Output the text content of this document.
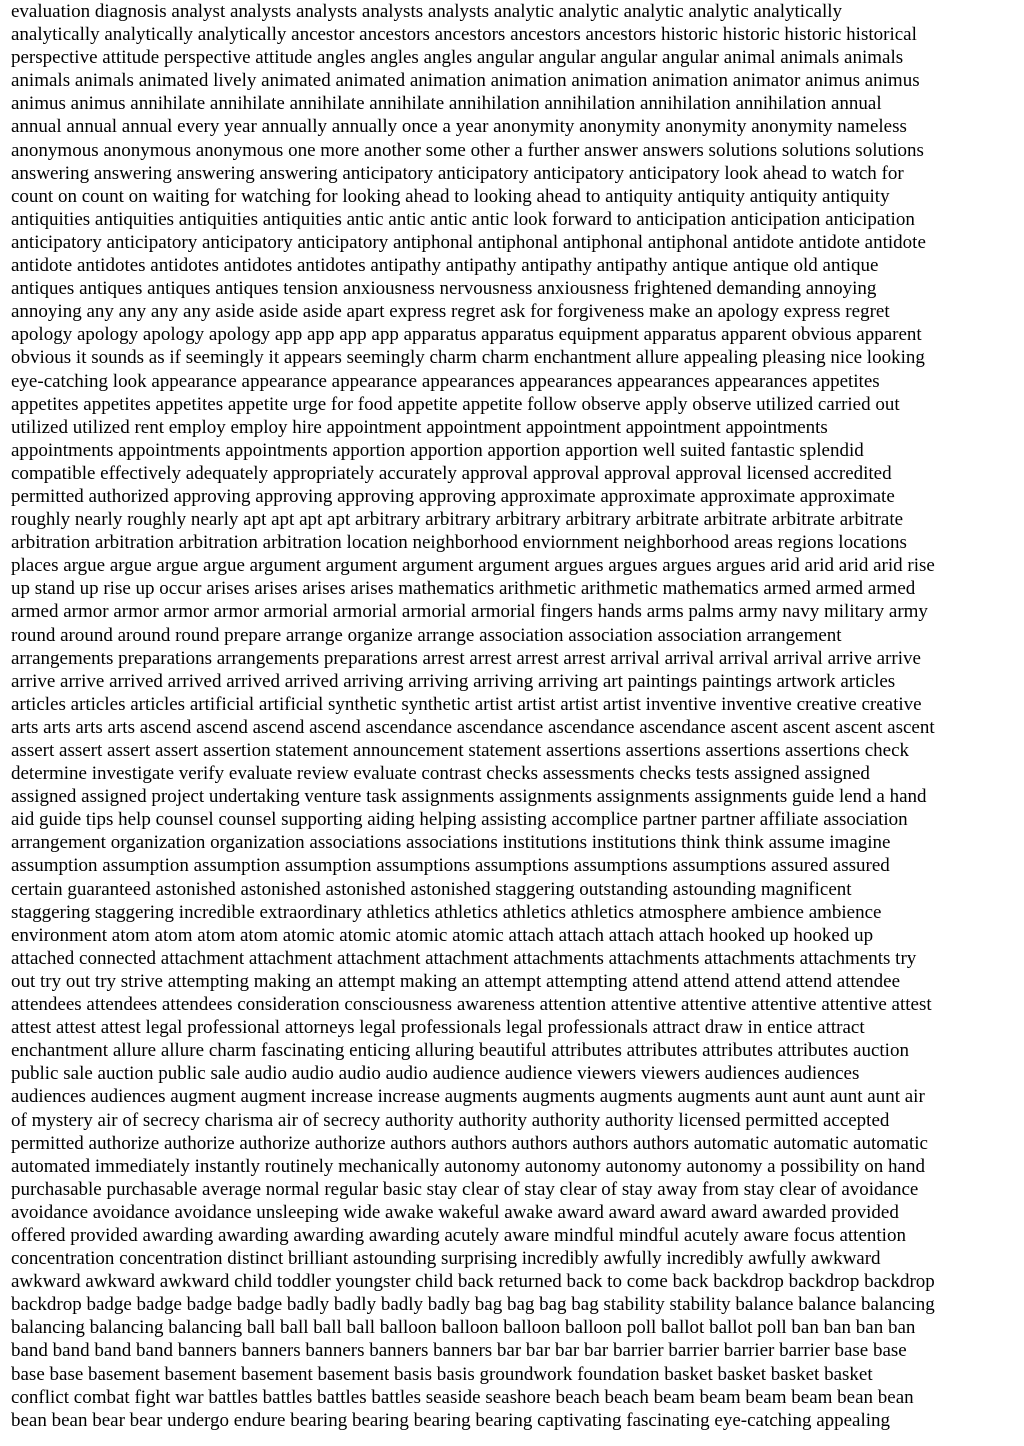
evaluation diagnosis analyst analysts analysts analysts analysts analytic analytic analytic analytic analytically
analytically analytically analytically ancestor ancestors ancestors ancestors ancestors historic historic historic historical
perspective attitude perspective attitude angles angles angles angular angular angular angular animal animals animals
animals animals animated lively animated animated animation animation animation animation animator animus animus
animus animus annihilate annihilate annihilate annihilate annihilation annihilation annihilation annihilation annual
annual annual annual every year annually annually once a year anonymity anonymity anonymity anonymity nameless
anonymous anonymous anonymous one more another some other a further answer answers solutions solutions solutions
answering answering answering answering anticipatory anticipatory anticipatory anticipatory look ahead to watch for
count on count on waiting for watching for looking ahead to looking ahead to antiquity antiquity antiquity antiquity
antiquities antiquities antiquities antiquities antic antic antic antic look forward to anticipation anticipation anticipation
anticipatory anticipatory anticipatory anticipatory antiphonal antiphonal antiphonal antiphonal antidote antidote antidote
antidote antidotes antidotes antidotes antidotes antipathy antipathy antipathy antipathy antique antique old antique
antiques antiques antiques antiques tension anxiousness nervousness anxiousness frightened demanding annoying
annoying any any any any aside aside aside apart express regret ask for forgiveness make an apology express regret
apology apology apology apology app app app app apparatus apparatus equipment apparatus apparent obvious apparent
obvious it sounds as if seemingly it appears seemingly charm charm enchantment allure appealing pleasing nice looking
eye-catching look appearance appearance appearance appearances appearances appearances appearances appetites
appetites appetites appetites appetite urge for food appetite appetite follow observe apply observe utilized carried out
utilized utilized rent employ employ hire appointment appointment appointment appointment appointments
appointments appointments appointments apportion apportion apportion apportion well suited fantastic splendid
compatible effectively adequately appropriately accurately approval approval approval approval licensed accredited
permitted authorized approving approving approving approving approximate approximate approximate approximate
roughly nearly roughly nearly apt apt apt apt arbitrary arbitrary arbitrary arbitrary arbitrate arbitrate arbitrate arbitrate
arbitration arbitration arbitration arbitration location neighborhood enviornment neighborhood areas regions locations
places argue argue argue argue argument argument argument argument argues argues argues argues arid arid arid arid rise
up stand up rise up occur arises arises arises arises mathematics arithmetic arithmetic mathematics armed armed armed
armed armor armor armor armor armorial armorial armorial armorial fingers hands arms palms army navy military army
round around around round prepare arrange organize arrange association association association arrangement
arrangements preparations arrangements preparations arrest arrest arrest arrest arrival arrival arrival arrival arrive arrive
arrive arrive arrived arrived arrived arrived arriving arriving arriving arriving art paintings paintings artwork articles
articles articles articles artificial artificial synthetic synthetic artist artist artist artist inventive inventive creative creative
arts arts arts arts ascend ascend ascend ascend ascendance ascendance ascendance ascendance ascent ascent ascent ascent
assert assert assert assert assertion statement announcement statement assertions assertions assertions assertions check
determine investigate verify evaluate review evaluate contrast checks assessments checks tests assigned assigned
assigned assigned project undertaking venture task assignments assignments assignments assignments guide lend a hand
aid guide tips help counsel counsel supporting aiding helping assisting accomplice partner partner affiliate association
arrangement organization organization associations associations institutions institutions think think assume imagine
assumption assumption assumption assumption assumptions assumptions assumptions assumptions assured assured
certain guaranteed astonished astonished astonished astonished staggering outstanding astounding magnificent
staggering staggering incredible extraordinary athletics athletics athletics athletics atmosphere ambience ambience
environment atom atom atom atom atomic atomic atomic atomic attach attach attach attach hooked up hooked up
attached connected attachment attachment attachment attachment attachments attachments attachments attachments try
out try out try strive attempting making an attempt making an attempt attempting attend attend attend attend attendee
attendees attendees attendees consideration consciousness awareness attention attentive attentive attentive attentive attest
attest attest attest legal professional attorneys legal professionals legal professionals attract draw in entice attract
enchantment allure allure charm fascinating enticing alluring beautiful attributes attributes attributes attributes auction
public sale auction public sale audio audio audio audio audience audience viewers viewers audiences audiences
audiences audiences augment augment increase increase augments augments augments augments aunt aunt aunt aunt air
of mystery air of secrecy charisma air of secrecy authority authority authority authority licensed permitted accepted
permitted authorize authorize authorize authorize authors authors authors authors authors automatic automatic automatic
automated immediately instantly routinely mechanically autonomy autonomy autonomy autonomy a possibility on hand
purchasable purchasable average normal regular basic stay clear of stay clear of stay away from stay clear of avoidance
avoidance avoidance avoidance unsleeping wide awake wakeful awake award award award award awarded provided
offered provided awarding awarding awarding awarding acutely aware mindful mindful acutely aware focus attention
concentration concentration distinct brilliant astounding surprising incredibly awfully incredibly awfully awkward
awkward awkward awkward child toddler youngster child back returned back to come back backdrop backdrop backdrop
backdrop badge badge badge badge badly badly badly badly bag bag bag bag stability stability balance balance balancing
balancing balancing balancing ball ball ball ball balloon balloon balloon balloon poll ballot ballot poll ban ban ban ban
band band band band banners banners banners banners banners bar bar bar bar barrier barrier barrier barrier base base
base base basement basement basement basement basis basis groundwork foundation basket basket basket basket
conflict combat fight war battles battles battles battles seaside seashore beach beach beam beam beam beam bean bean
bean bean bear bear undergo endure bearing bearing bearing bearing captivating fascinating eye-catching appealing
